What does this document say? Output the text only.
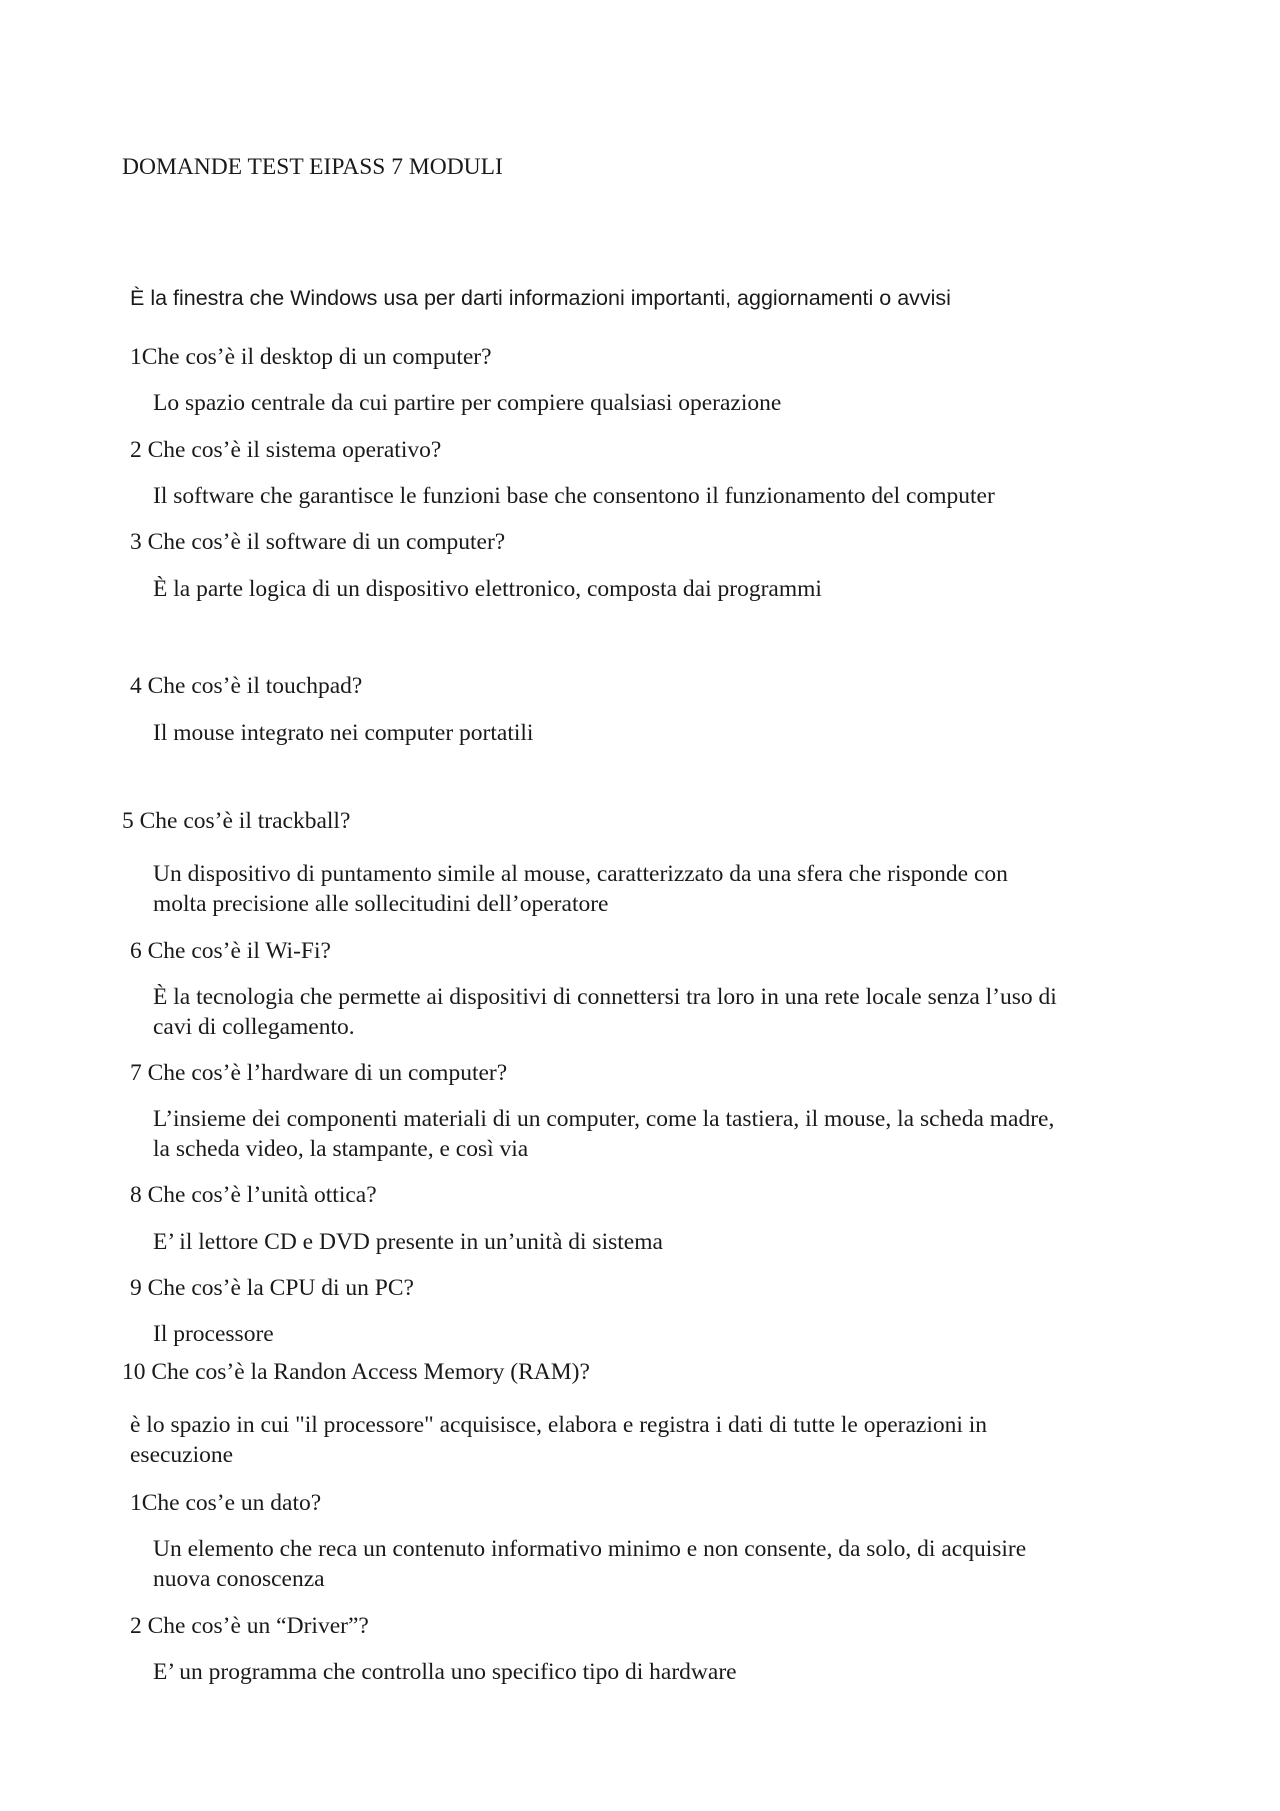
DOMANDE TEST EIPASS 7 MODULI
È la finestra che Windows usa per darti informazioni importanti, aggiornamenti o avvisi
1Che cos’è il desktop di un computer?
Lo spazio centrale da cui partire per compiere qualsiasi operazione
2 Che cos’è il sistema operativo?
Il software che garantisce le funzioni base che consentono il funzionamento del computer
3 Che cos’è il software di un computer?
È la parte logica di un dispositivo elettronico, composta dai programmi
4 Che cos’è il touchpad?
Il mouse integrato nei computer portatili
5 Che cos’è il trackball?
Un dispositivo di puntamento simile al mouse, caratterizzato da una sfera che risponde con
molta precisione alle sollecitudini dell’operatore
6 Che cos’è il Wi-Fi?
È la tecnologia che permette ai dispositivi di connettersi tra loro in una rete locale senza l’uso di
cavi di collegamento.
7 Che cos’è l’hardware di un computer?
L’insieme dei componenti materiali di un computer, come la tastiera, il mouse, la scheda madre,
la scheda video, la stampante, e così via
8 Che cos’è l’unità ottica?
E’ il lettore CD e DVD presente in un’unità di sistema
9 Che cos’è la CPU di un PC?
Il processore
10 Che cos’è la Randon Access Memory (RAM)?
è lo spazio in cui "il processore" acquisisce, elabora e registra i dati di tutte le operazioni in
esecuzione
1Che cos’e un dato?
Un elemento che reca un contenuto informativo minimo e non consente, da solo, di acquisire
nuova conoscenza
2 Che cos’è un “Driver”?
E’ un programma che controlla uno specifico tipo di hardware
